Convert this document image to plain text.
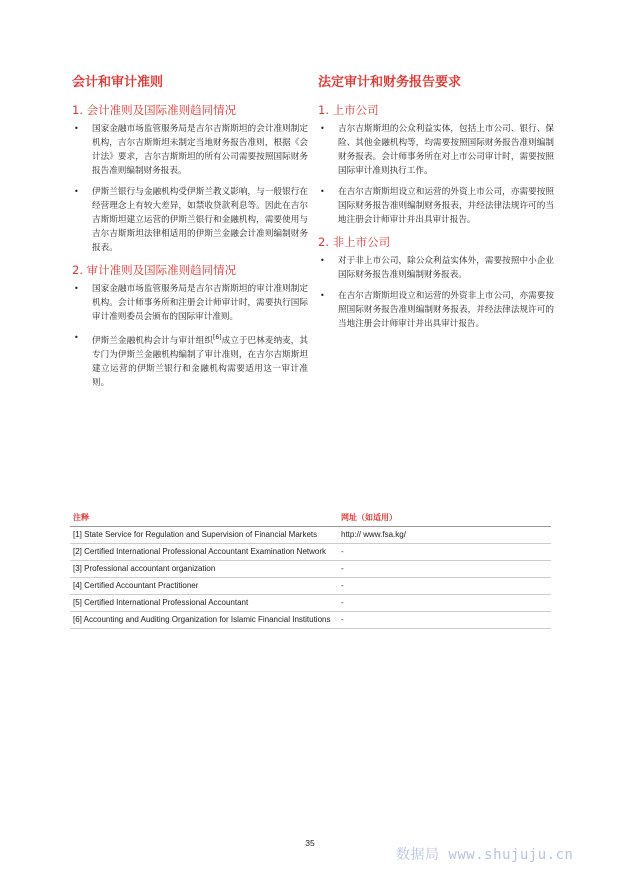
会计和审计准则
1. 会计准则及国际准则趋同情况
• 国家金融市场监管服务局是吉尔吉斯斯坦的会计准则制定机构，吉尔吉斯斯坦未制定当地财务报告准则，根据《会计法》要求，吉尔吉斯斯坦的所有公司需要按照国际财务报告准则编制财务报表。
• 伊斯兰银行与金融机构受伊斯兰教义影响，与一般银行在经营理念上有较大差异，如禁收贷款利息等。因此在吉尔吉斯斯坦建立运营的伊斯兰银行和金融机构，需要使用与吉尔吉斯斯坦法律相适用的伊斯兰金融会计准则编制财务报表。
2. 审计准则及国际准则趋同情况
• 国家金融市场监管服务局是吉尔吉斯斯坦的审计准则制定机构。会计师事务所和注册会计师审计时，需要执行国际审计准则委员会颁布的国际审计准则。
• 伊斯兰金融机构会计与审计组织[6]成立于巴林麦纳麦，其专门为伊斯兰金融机构编制了审计准则，在吉尔吉斯斯坦建立运营的伊斯兰银行和金融机构需要适用这一审计准则。
法定审计和财务报告要求
1. 上市公司
• 吉尔吉斯斯坦的公众利益实体，包括上市公司、银行、保险、其他金融机构等，均需要按照国际财务报告准则编制财务报表。会计师事务所在对上市公司审计时，需要按照国际审计准则执行工作。
• 在吉尔吉斯斯坦设立和运营的外资上市公司，亦需要按照国际财务报告准则编制财务报表，并经法律法规许可的当地注册会计师审计并出具审计报告。
2. 非上市公司
• 对于非上市公司，除公众利益实体外，需要按照中小企业国际财务报告准则编制财务报表。
• 在吉尔吉斯斯坦设立和运营的外资非上市公司，亦需要按照国际财务报告准则编制财务报表，并经法律法规许可的当地注册会计师审计并出具审计报告。
注释	网址（如适用）
[1] State Service for Regulation and Supervision of Financial Markets	http:// www.fsa.kg/
[2] Certified International Professional Accountant Examination Network	-
[3] Professional accountant organization	-
[4] Certified Accountant Practitioner	-
[5] Certified International Professional Accountant	-
[6] Accounting and Auditing Organization for Islamic Financial Institutions	-
35
数据局 www.shujuju.cn
